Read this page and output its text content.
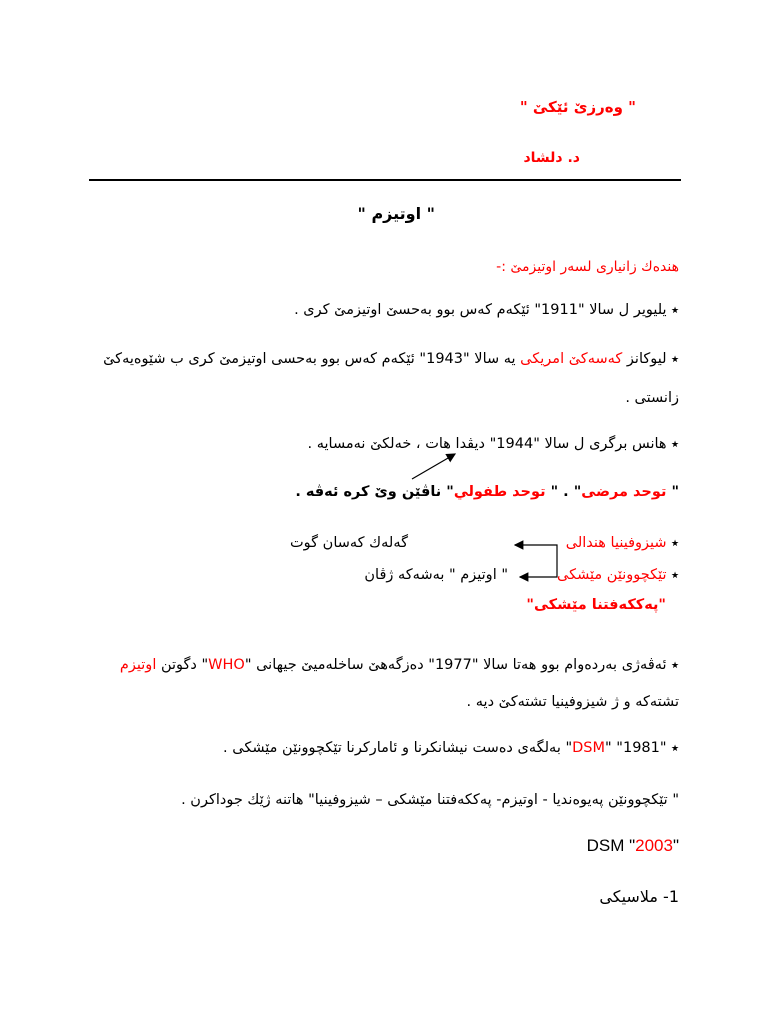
" وەرزێ ئێكێ "
د. دلشاد
" اوتیزم "
هندەك زانیاری لسەر اوتیزمێ :-
⭑ یلیویر ل سالا "1911" ئێكەم كەس بوو بەحسێ اوتیزمێ كرى .
⭑ لیوكانز كەسەكێ امریكی یە سالا "1943" ئێكەم كەس بوو بەحسی اوتیزمێ كری ب شێوەیەكێ
زانستی .
⭑ هانس برگری ل سالا "1944" دیڤدا هات ، خەلكێ نەمسایە .
" توحد مرضی" . " توحد طفولي" ناڤێن وێ كرە ئەڤە .
⭑ شیزوفینیا هندالی
گەلەك كەسان گوت
⭑ تێكچوونێن مێشكی
" اوتیزم " بەشەكە ژڤان
"پەككەفتنا مێشكی"
⭑ ئەڤەژی بەردەوام بوو هەتا سالا "1977" دەزگەهێ ساخلەمیێ جیهانی "WHO" دگوتن اوتیزم
تشتەكە و ژ شیزوفینیا تشتەكێ دیە .
⭑ "1981" "DSM" بەلگەی دەست نیشانكرنا و ئامارکرنا تێكچوونێن مێشكی .
" تێكچوونێن پەیوەندیا - اوتیزم- پەككەفتنا مێشكی – شیزوفینیا" هاتنە ژێك جوداكرن .
DSM "2003"
1- ملاسیکی
